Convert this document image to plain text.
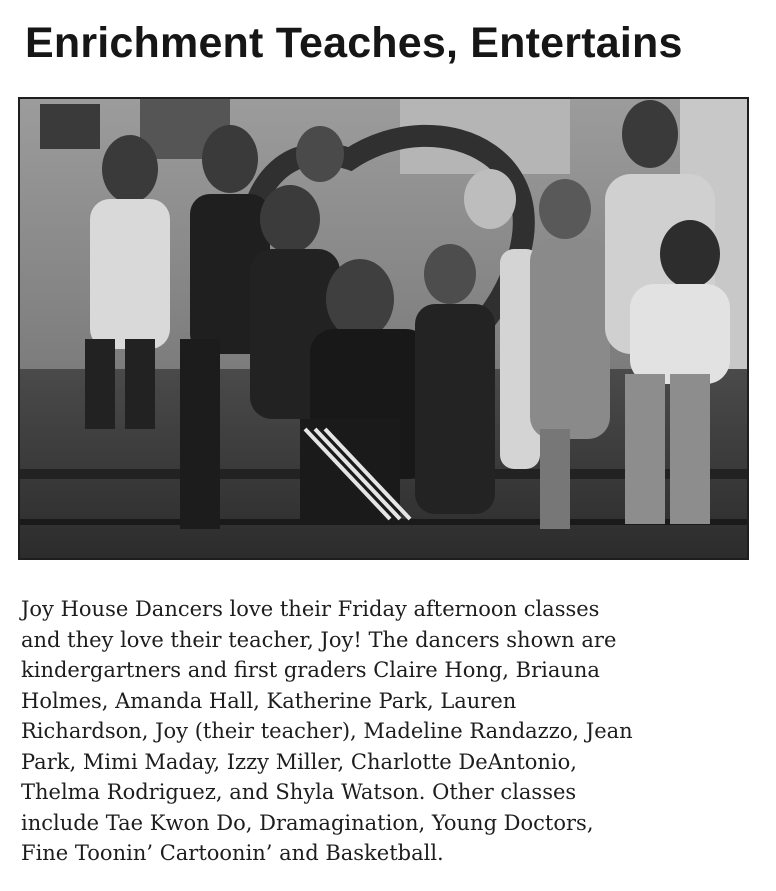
Enrichment Teaches, Entertains
Joy House Dancers love their Friday afternoon classes
and they love their teacher, Joy! The dancers shown are
kindergartners and first graders Claire Hong, Briauna
Holmes, Amanda Hall, Katherine Park, Lauren
Richardson, Joy (their teacher), Madeline Randazzo, Jean
Park, Mimi Maday, Izzy Miller, Charlotte DeAntonio,
Thelma Rodriguez, and Shyla Watson. Other classes
include Tae Kwon Do, Dramagination, Young Doctors,
Fine Toonin’ Cartoonin’ and Basketball.
